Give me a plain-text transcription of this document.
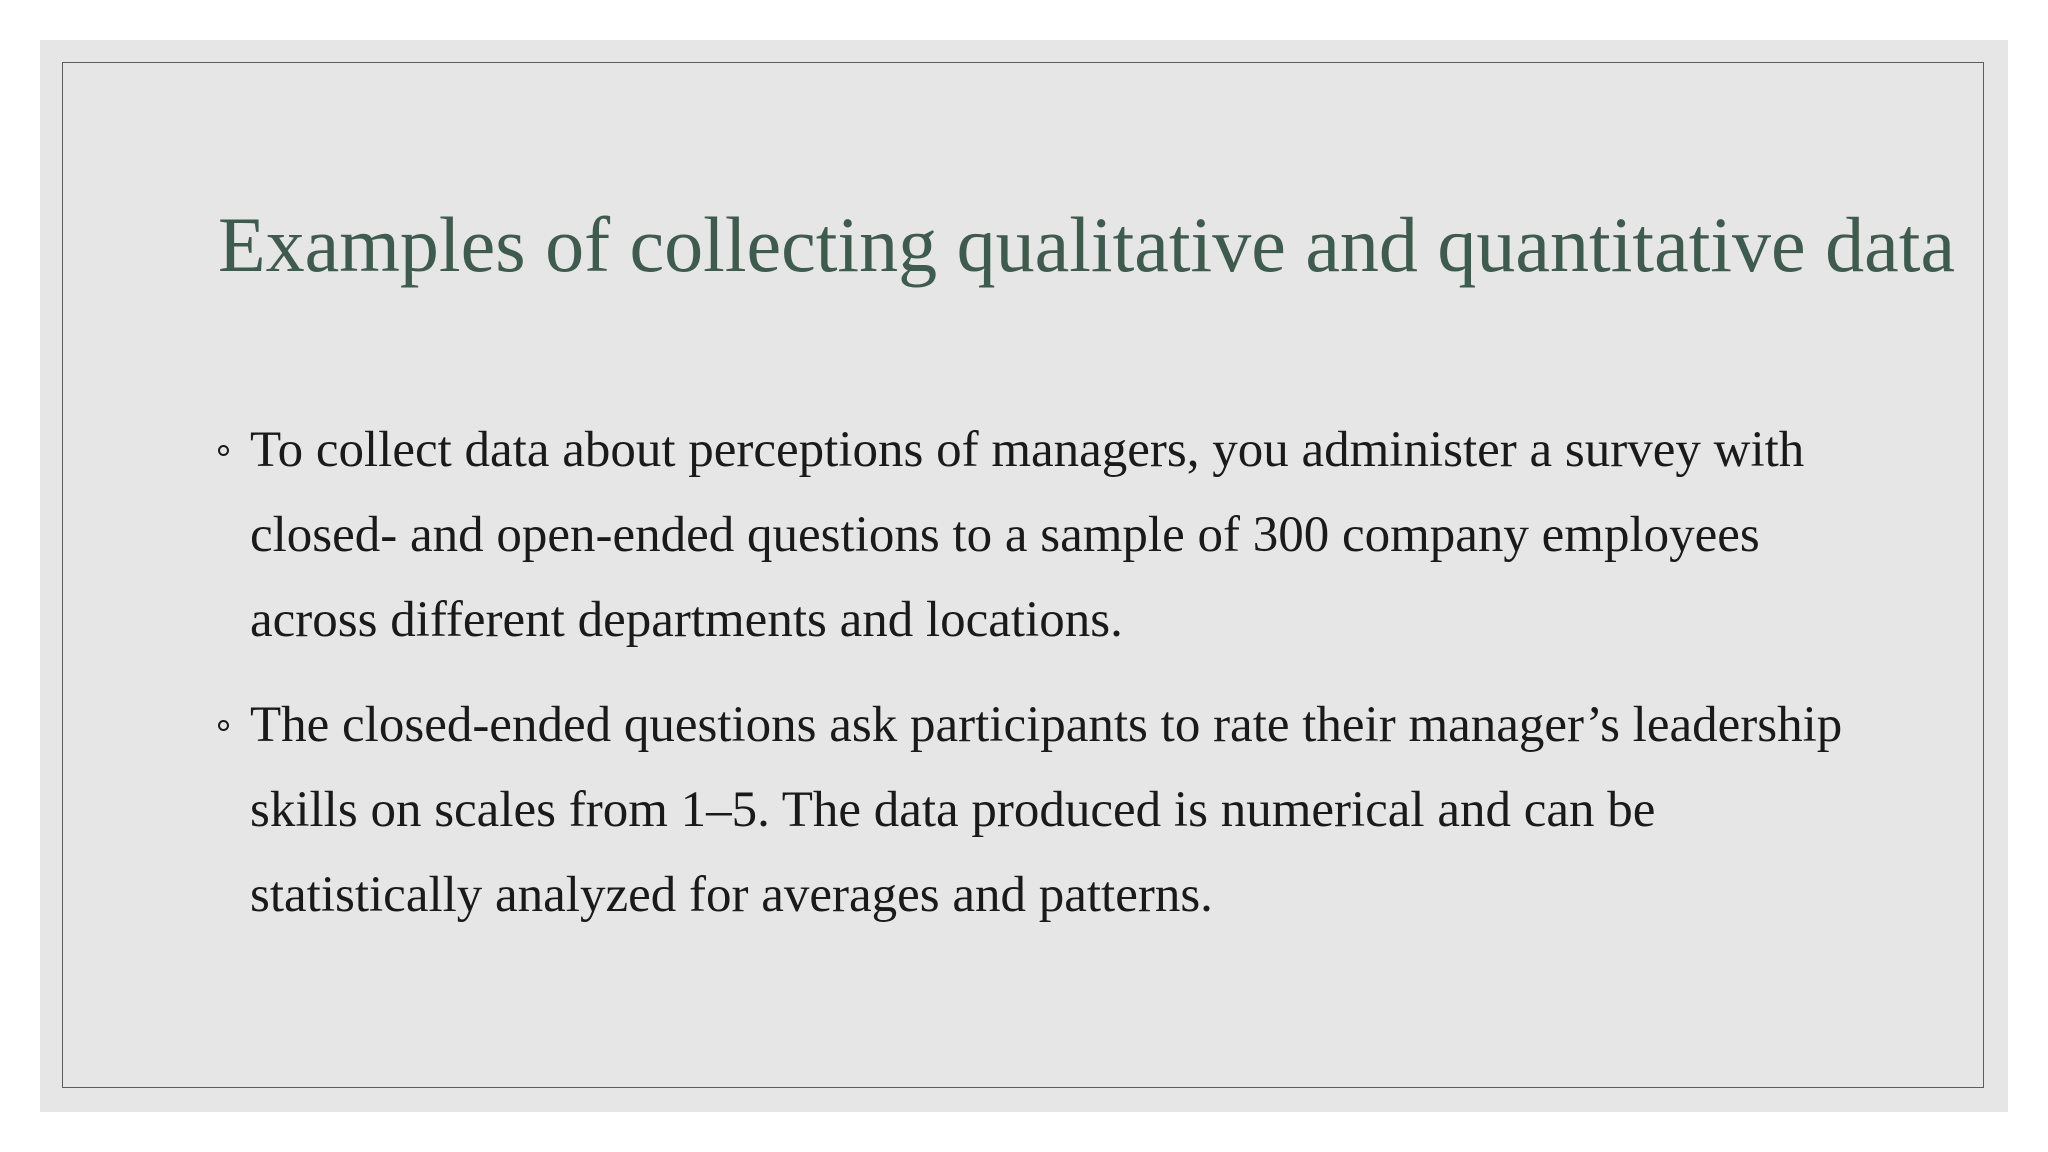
Examples of collecting qualitative and quantitative data
To collect data about perceptions of managers, you administer a survey with closed- and open-ended questions to a sample of 300 company employees across different departments and locations.
The closed-ended questions ask participants to rate their manager’s leadership skills on scales from 1–5. The data produced is numerical and can be statistically analyzed for averages and patterns.
